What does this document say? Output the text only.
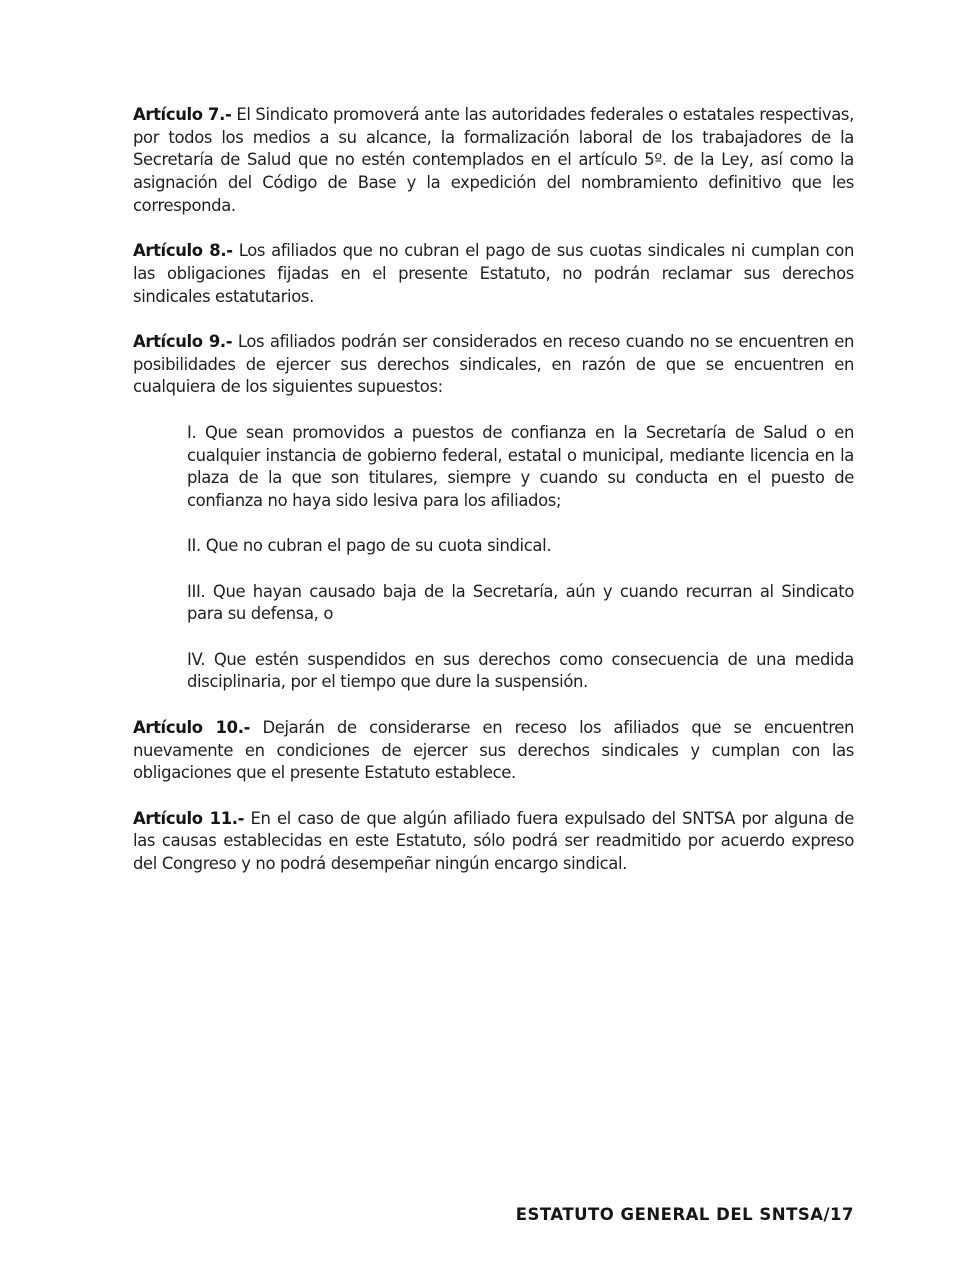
Artículo 7.- El Sindicato promoverá ante las autoridades federales o estatales respectivas, por todos los medios a su alcance, la formalización laboral de los trabajadores de la Secretaría de Salud que no estén contemplados en el artículo 5º. de la Ley, así como la asignación del Código de Base y la expedición del nombramiento definitivo que les corresponda.

Artículo 8.- Los afiliados que no cubran el pago de sus cuotas sindicales ni cumplan con las obligaciones fijadas en el presente Estatuto, no podrán reclamar sus derechos sindicales estatutarios.

Artículo 9.- Los afiliados podrán ser considerados en receso cuando no se encuentren en posibilidades de ejercer sus derechos sindicales, en razón de que se encuentren en cualquiera de los siguientes supuestos:

I. Que sean promovidos a puestos de confianza en la Secretaría de Salud o en cualquier instancia de gobierno federal, estatal o municipal, mediante licencia en la plaza de la que son titulares, siempre y cuando su conducta en el puesto de confianza no haya sido lesiva para los afiliados;

II. Que no cubran el pago de su cuota sindical.

III. Que hayan causado baja de la Secretaría, aún y cuando recurran al Sindicato para su defensa, o

IV. Que estén suspendidos en sus derechos como consecuencia de una medida disciplinaria, por el tiempo que dure la suspensión.

Artículo 10.- Dejarán de considerarse en receso los afiliados que se encuentren nuevamente en condiciones de ejercer sus derechos sindicales y cumplan con las obligaciones que el presente Estatuto establece.

Artículo 11.- En el caso de que algún afiliado fuera expulsado del SNTSA por alguna de las causas establecidas en este Estatuto, sólo podrá ser readmitido por acuerdo expreso del Congreso y no podrá desempeñar ningún encargo sindical.

ESTATUTO GENERAL DEL SNTSA/17
